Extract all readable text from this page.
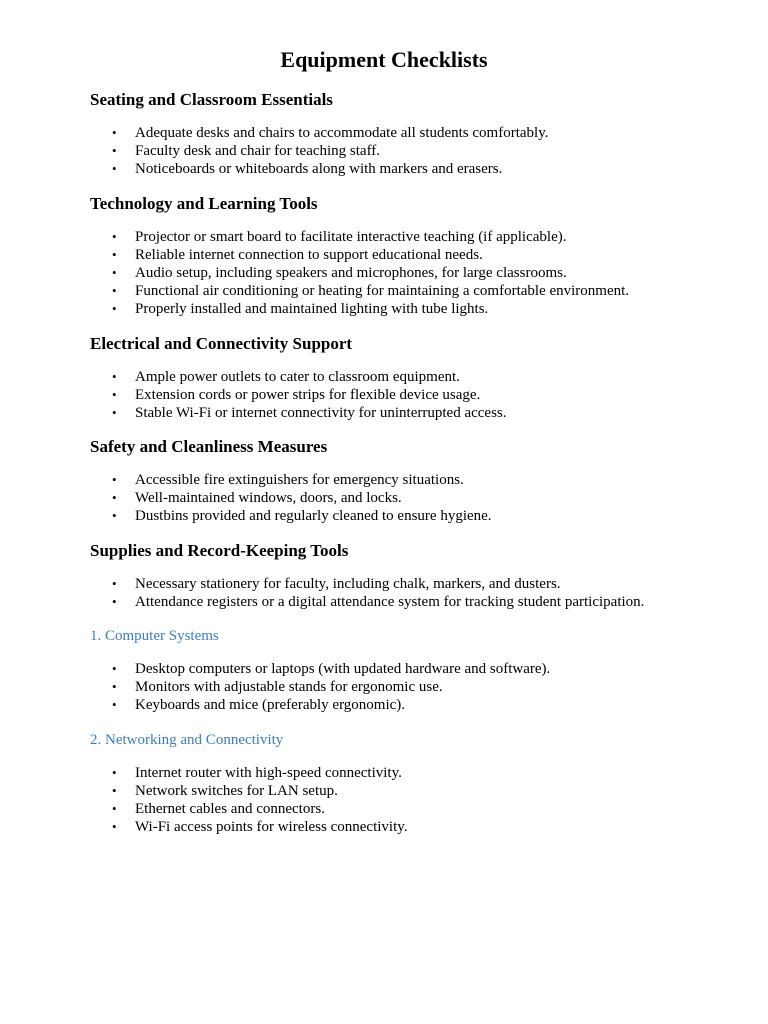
Equipment Checklists
Seating and Classroom Essentials
• Adequate desks and chairs to accommodate all students comfortably.
• Faculty desk and chair for teaching staff.
• Noticeboards or whiteboards along with markers and erasers.
Technology and Learning Tools
• Projector or smart board to facilitate interactive teaching (if applicable).
• Reliable internet connection to support educational needs.
• Audio setup, including speakers and microphones, for large classrooms.
• Functional air conditioning or heating for maintaining a comfortable environment.
• Properly installed and maintained lighting with tube lights.
Electrical and Connectivity Support
• Ample power outlets to cater to classroom equipment.
• Extension cords or power strips for flexible device usage.
• Stable Wi-Fi or internet connectivity for uninterrupted access.
Safety and Cleanliness Measures
• Accessible fire extinguishers for emergency situations.
• Well-maintained windows, doors, and locks.
• Dustbins provided and regularly cleaned to ensure hygiene.
Supplies and Record-Keeping Tools
• Necessary stationery for faculty, including chalk, markers, and dusters.
• Attendance registers or a digital attendance system for tracking student participation.
1. Computer Systems
• Desktop computers or laptops (with updated hardware and software).
• Monitors with adjustable stands for ergonomic use.
• Keyboards and mice (preferably ergonomic).
2. Networking and Connectivity
• Internet router with high-speed connectivity.
• Network switches for LAN setup.
• Ethernet cables and connectors.
• Wi-Fi access points for wireless connectivity.
